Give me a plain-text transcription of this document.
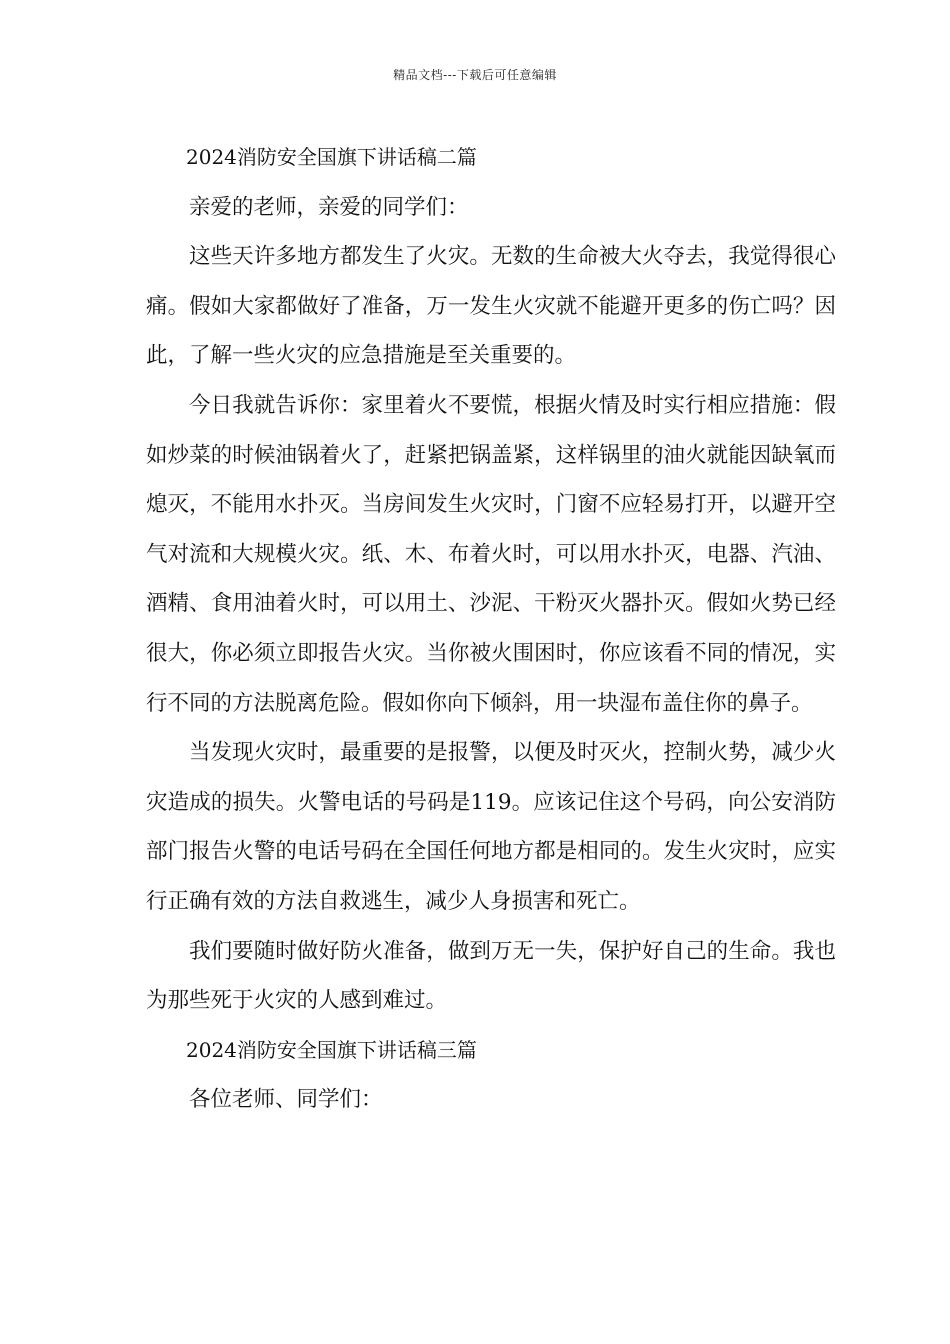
精品文档---下载后可任意编辑

2024消防安全国旗下讲话稿二篇

亲爱的老师，亲爱的同学们：

这些天许多地方都发生了火灾。无数的生命被大火夺去，我觉得很心痛。假如大家都做好了准备，万一发生火灾就不能避开更多的伤亡吗？因此，了解一些火灾的应急措施是至关重要的。

今日我就告诉你：家里着火不要慌，根据火情及时实行相应措施：假如炒菜的时候油锅着火了，赶紧把锅盖紧，这样锅里的油火就能因缺氧而熄灭，不能用水扑灭。当房间发生火灾时，门窗不应轻易打开，以避开空气对流和大规模火灾。纸、木、布着火时，可以用水扑灭，电器、汽油、酒精、食用油着火时，可以用土、沙泥、干粉灭火器扑灭。假如火势已经很大，你必须立即报告火灾。当你被火围困时，你应该看不同的情况，实行不同的方法脱离危险。假如你向下倾斜，用一块湿布盖住你的鼻子。

当发现火灾时，最重要的是报警，以便及时灭火，控制火势，减少火灾造成的损失。火警电话的号码是119。应该记住这个号码，向公安消防部门报告火警的电话号码在全国任何地方都是相同的。发生火灾时，应实行正确有效的方法自救逃生，减少人身损害和死亡。

我们要随时做好防火准备，做到万无一失，保护好自己的生命。我也为那些死于火灾的人感到难过。

2024消防安全国旗下讲话稿三篇

各位老师、同学们：
